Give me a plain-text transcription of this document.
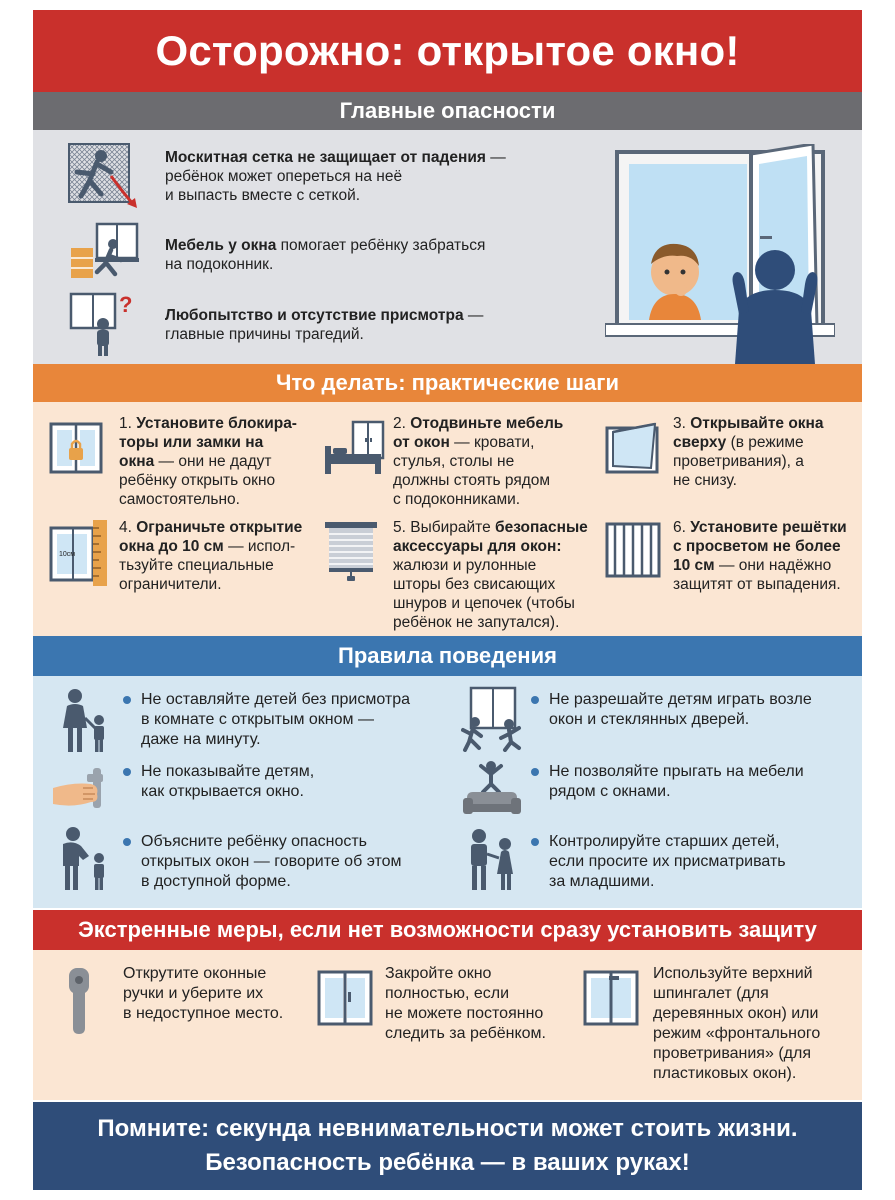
Осторожно: открытое окно!
Главные опасности
Москитная сетка не защищает от падения —
ребёнок может опереться на неё
и выпасть вместе с сеткой.
Мебель у окна помогает ребёнку забраться
на подоконник.
? Любопытство и отсутствие присмотра —
главные причины трагедий.
Что делать: практические шаги
1. Установите блокира-
торы или замки на
окна — они не дадут
ребёнку открыть окно
самостоятельно.
2. Отодвиньте мебель
от окон — кровати,
стулья, столы не
должны стоять рядом
с подоконниками.
3. Открывайте окна
сверху (в режиме
проветривания), а
не снизу.
10см
4. Ограничьте открытие
окна до 10 см — испол-
тьзуйте специальные
ограничители.
5. Выбирайте безопасные
аксессуары для окон:
жалюзи и рулонные
шторы без свисающих
шнуров и цепочек (чтобы
ребёнок не запутался).
6. Установите решётки
с просветом не более
10 см — они надёжно
защитят от выпадения.
Правила поведения
Не оставляйте детей без присмотра
в комнате с открытым окном —
даже на минуту.
Не разрешайте детям играть возле
окон и стеклянных дверей.
Не показывайте детям,
как открывается окно.
Не позволяйте прыгать на мебели
рядом с окнами.
Объясните ребёнку опасность
открытых окон — говорите об этом
в доступной форме.
Контролируйте старших детей,
если просите их присматривать
за младшими.
Экстренные меры, если нет возможности сразу установить защиту
Открутите оконные
ручки и уберите их
в недоступное место.
Закройте окно
полностью, если
не можете постоянно
следить за ребёнком.
Используйте верхний
шпингалет (для
деревянных окон) или
режим «фронтального
проветривания» (для
пластиковых окон).
Помните: секунда невнимательности может стоить жизни.
Безопасность ребёнка — в ваших руках!
